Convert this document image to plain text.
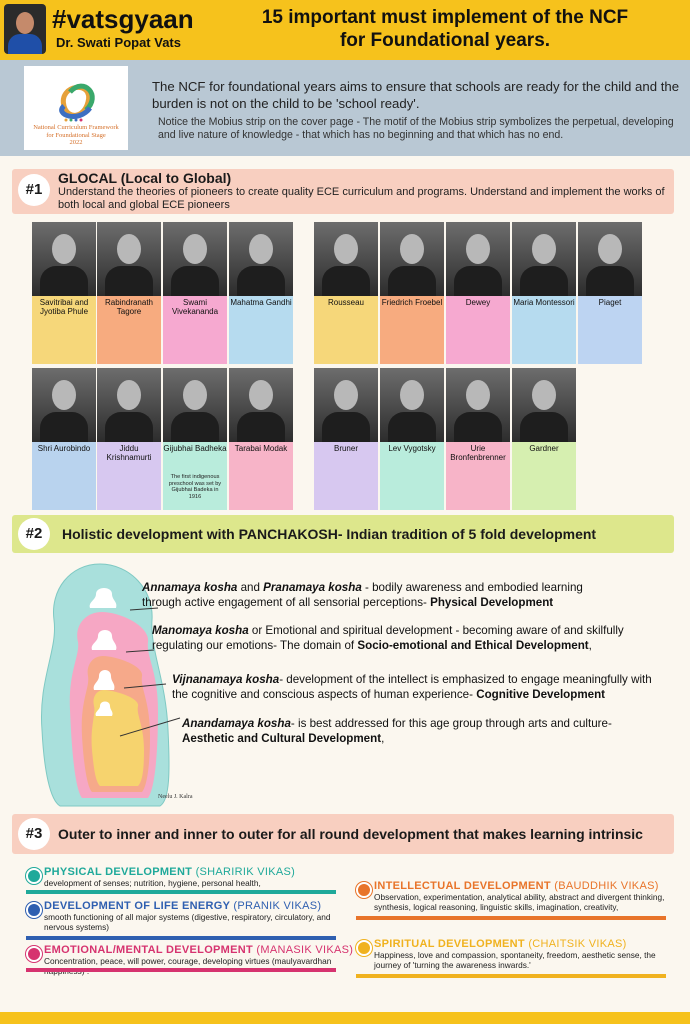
#vatsgyaan
Dr. Swati Popat Vats
15 important must implement of the NCF
for Foundational years.
National Curriculum Framework
for Foundational Stage
2022
The NCF for foundational years aims to ensure that schools are ready for the child and the burden is not on the child to be 'school ready'.
Notice the Mobius strip on the cover page - The motif of the Mobius strip symbolizes the perpetual, developing and live nature of knowledge - that which has no beginning and that which has no end.
#1
GLOCAL (Local to Global)
Understand the theories of pioneers to create quality ECE curriculum and programs. Understand and implement the works of both local and global ECE pioneers
Savitribai and Jyotiba Phule
Rabindranath Tagore
Swami Vivekananda
Mahatma Gandhi	Rousseau	Friedrich Froebel	Dewey	Maria Montessori	Piaget
Shri Aurobindo	Jiddu Krishnamurti
Gijubhai Badheka
The first indigenous preschool was set by Gijubhai Badeka in 1916
Tarabai Modak	Bruner	Lev Vygotsky	Urie Bronfenbrenner
Gardner
#2	Holistic development with PANCHAKOSH- Indian tradition of 5 fold development
Neelu J. Kalra
Annamaya kosha and Pranamaya kosha - bodily awareness and embodied learning through active engagement of all sensorial perceptions- Physical Development
Manomaya kosha or Emotional and spiritual development - becoming aware of and skilfully regulating our emotions- The domain of Socio-emotional and Ethical Development,
Vijnanamaya kosha- development of the intellect is emphasized to engage meaningfully with the cognitive and conscious aspects of human experience- Cognitive Development
Anandamaya kosha- is best addressed for this age group through arts and culture- Aesthetic and Cultural Development,
#3	Outer to inner and inner to outer for all round development that makes learning intrinsic
PHYSICAL DEVELOPMENT (SHARIRIK VIKAS)
development of senses; nutrition, hygiene, personal health,
DEVELOPMENT OF LIFE ENERGY (PRANIK VIKAS)
smooth functioning of all major systems (digestive, respiratory, circulatory, and nervous systems)
EMOTIONAL/MENTAL DEVELOPMENT (MANASIK VIKAS)
Concentration, peace, will power, courage, developing virtues (maulyavardhan
INTELLECTUAL DEVELOPMENT (BAUDDHIK VIKAS)
Observation, experimentation, analytical ability, abstract and divergent thinking, synthesis, logical reasoning, linguistic skills, imagination, creativity,
SPIRITUAL DEVELOPMENT (CHAITSIK VIKAS)
Happiness, love and compassion, spontaneity, freedom, aesthetic sense, the journey of 'turning the awareness inwards.'
